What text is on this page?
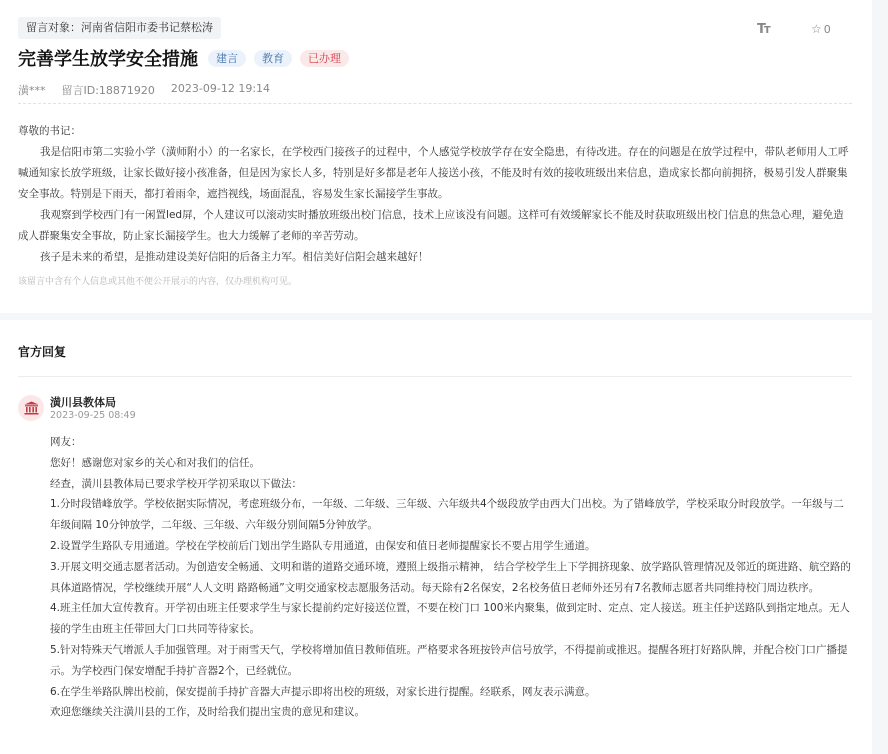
留言对象：河南省信阳市委书记蔡松涛	TT	☆ 0
完善学生放学安全措施	建言	教育	已办理
潢*** 留言ID:18871920 2023-09-12 19:14

尊敬的书记：

我是信阳市第二实验小学（潢师附小）的一名家长，在学校西门接孩子的过程中，个人感觉学校放学存在安全隐患，有待改进。存在的问题是在放学过程中，带队老师用人工呼喊通知家长放学班级，让家长做好接小孩准备，但是因为家长人多，特别是好多都是老年人接送小孩，不能及时有效的接收班级出来信息，造成家长都向前拥挤，极易引发人群聚集安全事故。特别是下雨天，都打着雨伞，遮挡视线，场面混乱，容易发生家长漏接学生事故。

我观察到学校西门有一闲置led屏，个人建议可以滚动实时播放班级出校门信息，技术上应该没有问题。这样可有效缓解家长不能及时获取班级出校门信息的焦急心理，避免造成人群聚集安全事故，防止家长漏接学生。也大力缓解了老师的辛苦劳动。

孩子是未来的希望，是推动建设美好信阳的后备主力军。相信美好信阳会越来越好！

该留言中含有个人信息或其他不便公开展示的内容，仅办理机构可见。
官方回复
潢川县教体局
2023-09-25 08:49

网友：

您好！感谢您对家乡的关心和对我们的信任。

经查，潢川县教体局已要求学校开学初采取以下做法：

1.分时段错峰放学。学校依据实际情况，考虑班级分布，一年级、二年级、三年级、六年级共4个级段放学由西大门出校。为了错峰放学，学校采取分时段放学。一年级与二年级间隔 10分钟放学，二年级、三年级、六年级分别间隔5分钟放学。

2.设置学生路队专用通道。学校在学校前后门划出学生路队专用通道，由保安和值日老师提醒家长不要占用学生通道。

3.开展文明交通志愿者活动。为创造安全畅通、文明和谐的道路交通环境，遵照上级指示精神， 结合学校学生上下学拥挤现象、放学路队管理情况及邻近的斑进路、航空路的具体道路情况，学校继续开展“人人文明 路路畅通”文明交通家校志愿服务活动。每天除有2名保安，2名校务值日老师外还另有7名教师志愿者共同维持校门周边秩序。

4.班主任加大宣传教育。开学初由班主任要求学生与家长提前约定好接送位置，不要在校门口 100米内聚集，做到定时、定点、定人接送。班主任护送路队到指定地点。无人接的学生由班主任带回大门口共同等待家长。

5.针对特殊天气增派人手加强管理。对于雨雪天气，学校将增加值日教师值班。严格要求各班按铃声信号放学，不得提前或推迟。提醒各班打好路队牌，并配合校门口广播提示。为学校西门保安增配手持扩音器2个，已经就位。

6.在学生举路队牌出校前，保安提前手持扩音器大声提示即将出校的班级，对家长进行提醒。经联系，网友表示满意。

欢迎您继续关注潢川县的工作，及时给我们提出宝贵的意见和建议。
